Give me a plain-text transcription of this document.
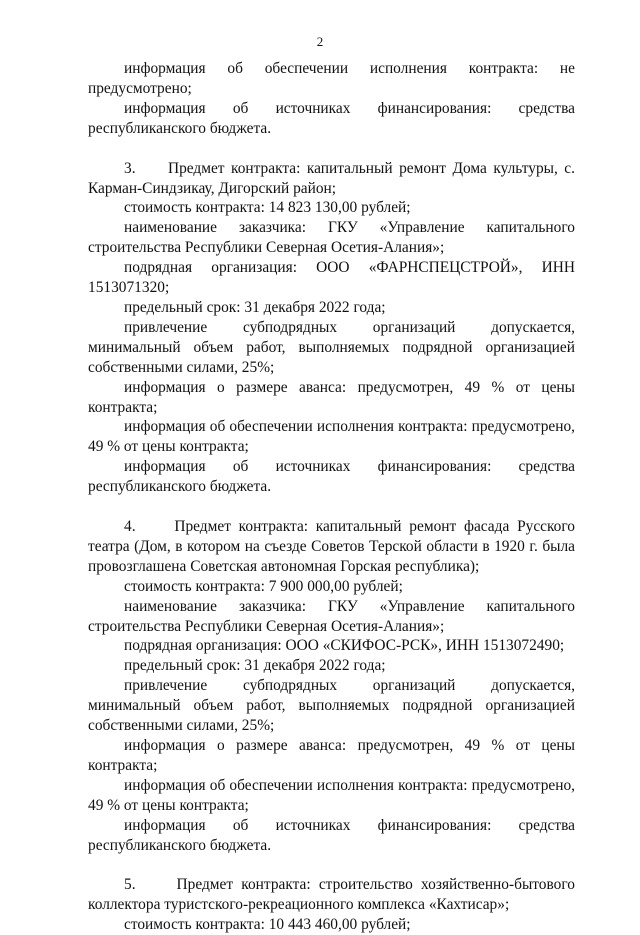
2

информация об обеспечении исполнения контракта: не предусмотрено;

информация об источниках финансирования: средства республиканского бюджета.

3. Предмет контракта: капитальный ремонт Дома культуры, с. Карман-Синдзикау, Дигорский район;

стоимость контракта: 14 823 130,00 рублей;

наименование заказчика: ГКУ «Управление капитального строительства Республики Северная Осетия-Алания»;

подрядная организация: ООО «ФАРНСПЕЦСТРОЙ», ИНН 1513071320;

предельный срок: 31 декабря 2022 года;

привлечение субподрядных организаций допускается, минимальный объем работ, выполняемых подрядной организацией собственными силами, 25%;

информация о размере аванса: предусмотрен, 49 % от цены контракта;

информация об обеспечении исполнения контракта: предусмотрено, 49 % от цены контракта;

информация об источниках финансирования: средства республиканского бюджета.

4.	Предмет контракта: капитальный ремонт фасада Русского театра (Дом, в котором на съезде Советов Терской области в 1920 г. была провозглашена Советская автономная Горская республика);

стоимость контракта: 7 900 000,00 рублей;

наименование заказчика: ГКУ «Управление капитального строительства Республики Северная Осетия-Алания»;

подрядная организация: ООО «СКИФОС-РСК», ИНН 1513072490;

предельный срок: 31 декабря 2022 года;

привлечение субподрядных организаций допускается, минимальный объем работ, выполняемых подрядной организацией собственными силами, 25%;

информация о размере аванса: предусмотрен, 49 % от цены контракта;

информация об обеспечении исполнения контракта: предусмотрено, 49 % от цены контракта;

информация об источниках финансирования: средства республиканского бюджета.

5.	Предмет контракта: строительство хозяйственно-бытового коллектора туристского-рекреационного комплекса «Кахтисар»;

стоимость контракта: 10 443 460,00 рублей;
